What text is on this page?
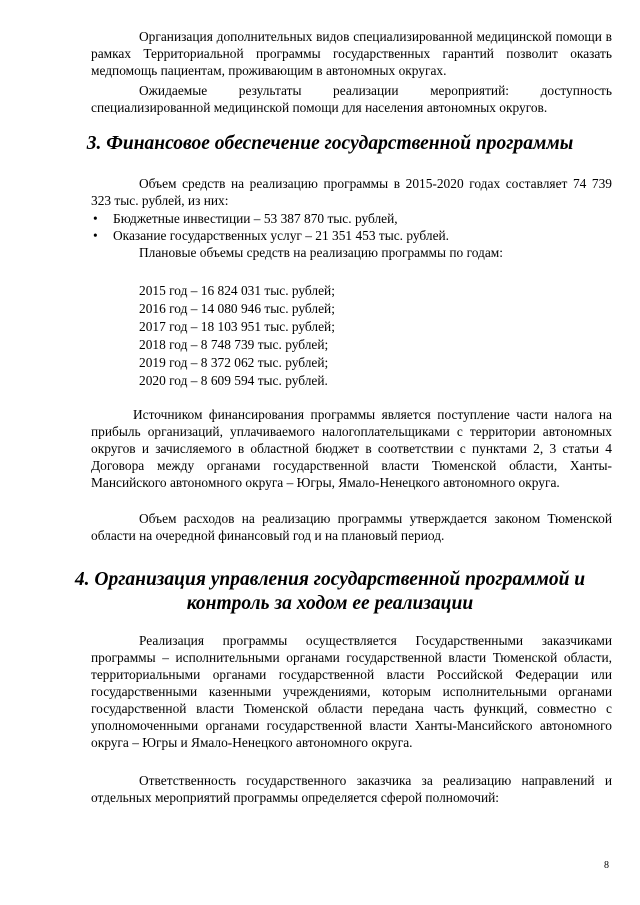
Организация дополнительных видов специализированной медицинской помощи в рамках Территориальной программы государственных гарантий позволит оказать медпомощь пациентам, проживающим в автономных округах.

Ожидаемые результаты реализации мероприятий: доступность специализированной медицинской помощи для населения автономных округов.

3. Финансовое обеспечение государственной программы

Объем средств на реализацию программы в 2015-2020 годах составляет 74 739 323 тыс. рублей, из них:

• Бюджетные инвестиции – 53 387 870 тыс. рублей,
• Оказание государственных услуг – 21 351 453 тыс. рублей.

Плановые объемы средств на реализацию программы по годам:

2015 год – 16 824 031 тыс. рублей;
2016 год – 14 080 946 тыс. рублей;
2017 год – 18 103 951 тыс. рублей;
2018 год – 8 748 739 тыс. рублей;
2019 год – 8 372 062 тыс. рублей;
2020 год – 8 609 594 тыс. рублей.

Источником финансирования программы является поступление части налога на прибыль организаций, уплачиваемого налогоплательщиками с территории автономных округов и зачисляемого в областной бюджет в соответствии с пунктами 2, 3 статьи 4 Договора между органами государственной власти Тюменской области, Ханты-Мансийского автономного округа – Югры, Ямало-Ненецкого автономного округа.

Объем расходов на реализацию программы утверждается законом Тюменской области на очередной финансовый год и на плановый период.

4. Организация управления государственной программой и
контроль за ходом ее реализации

Реализация программы осуществляется Государственными заказчиками программы – исполнительными органами государственной власти Тюменской области, территориальными органами государственной власти Российской Федерации или государственными казенными учреждениями, которым исполнительными органами государственной власти Тюменской области передана часть функций, совместно с уполномоченными органами государственной власти Ханты-Мансийского автономного округа – Югры и Ямало-Ненецкого автономного округа.

Ответственность государственного заказчика за реализацию направлений и отдельных мероприятий программы определяется сферой полномочий:

8
